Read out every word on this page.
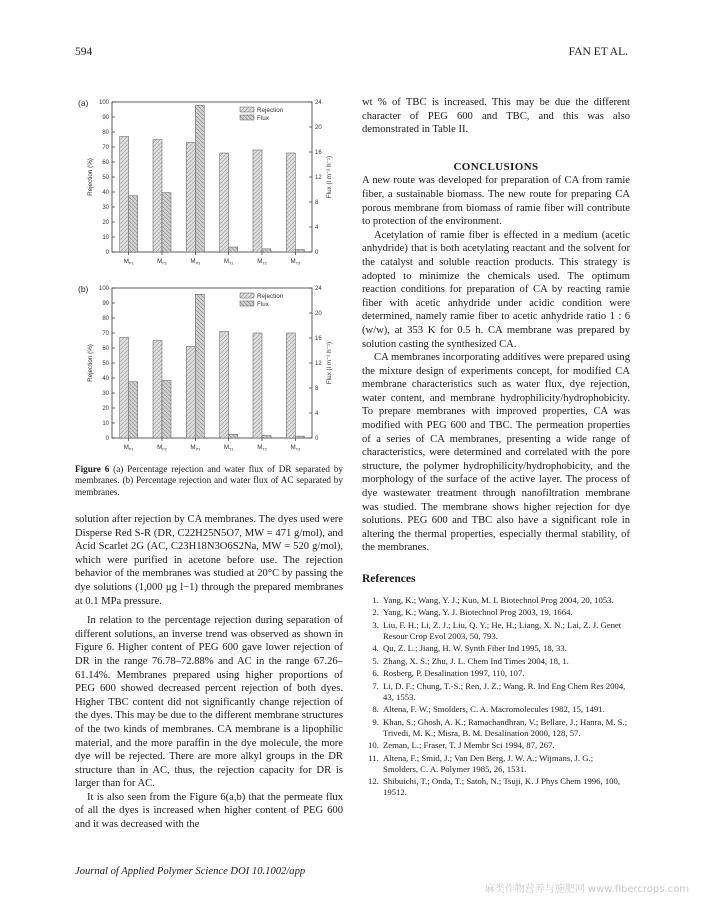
594	FAN ET AL.
0
10
20
30
40
50
60
70
80
90
100
0
4
8
12
16
20
24
$M_{P1}$	$M_{P2}$	$M_{P3}$	$M_{T1}$	$M_{T2}$	$M_{T3}$
Rejection (%)	Flux (l m⁻² h⁻¹)
(a)
Rejection
Flux
0
10
20
30
40
50
60
70
80
90
100
0
4
8
12
16
20
24
$M_{P1}$	$M_{P2}$	$M_{P3}$	$M_{T1}$	$M_{T2}$	$M_{T3}$
Rejection (%)	Flux (l m⁻² h⁻¹)
(b)
Rejection
Flux
Figure 6 (a) Percentage rejection and water flux of DR separated by membranes. (b) Percentage rejection and water flux of AC separated by membranes.

solution after rejection by CA membranes. The dyes used were Disperse Red S-R (DR, C22H25N5O7, MW = 471 g/mol), and Acid Scarlet 2G (AC, C23H18N3O6S2Na, MW = 520 g/mol), which were purified in acetone before use. The rejection behavior of the membranes was studied at 20°C by passing the dye solutions (1,000 μg l−1) through the prepared membranes at 0.1 MPa pressure.

In relation to the percentage rejection during separation of different solutions, an inverse trend was observed as shown in Figure 6. Higher content of PEG 600 gave lower rejection of DR in the range 76.78–72.88% and AC in the range 67.26–61.14%. Membranes prepared using higher proportions of PEG 600 showed decreased percent rejection of both dyes. Higher TBC content did not significantly change rejection of the dyes. This may be due to the different membrane structures of the two kinds of membranes. CA membrane is a lipophilic material, and the more paraffin in the dye molecule, the more dye will be rejected. There are more alkyl groups in the DR structure than in AC, thus, the rejection capacity for DR is larger than for AC.

It is also seen from the Figure 6(a,b) that the permeate flux of all the dyes is increased when higher content of PEG 600 and it was decreased with the

wt % of TBC is increased. This may be due the different character of PEG 600 and TBC, and this was also demonstrated in Table II.

CONCLUSIONS

A new route was developed for preparation of CA from ramie fiber, a sustainable biomass. The new route for preparing CA porous membrane from biomass of ramie fiber will contribute to protection of the environment.

Acetylation of ramie fiber is effected in a medium (acetic anhydride) that is both acetylating reactant and the solvent for the catalyst and soluble reaction products. This strategy is adopted to minimize the chemicals used. The optimum reaction conditions for preparation of CA by reacting ramie fiber with acetic anhydride under acidic condition were determined, namely ramie fiber to acetic anhydride ratio 1 : 6 (w/w), at 353 K for 0.5 h. CA membrane was prepared by solution casting the synthesized CA.

CA membranes incorporating additives were prepared using the mixture design of experiments concept, for modified CA membrane characteristics such as water flux, dye rejection, water content, and membrane hydrophilicity/hydrophobicity. To prepare membranes with improved properties, CA was modified with PEG 600 and TBC. The permeation properties of a series of CA membranes, presenting a wide range of characteristics, were determined and correlated with the pore structure, the polymer hydrophilicity/hydrophobicity, and the morphology of the surface of the active layer. The process of dye wastewater treatment through nanofiltration membrane was studied. The membrane shows higher rejection for dye solutions. PEG 600 and TBC also have a significant role in altering the thermal properties, especially thermal stability, of the membranes.

References
1. Yang, K.; Wang, Y. J.; Kuo, M. I. Biotechnol Prog 2004, 20, 1053.
2. Yang, K.; Wang, Y. J. Biotechnol Prog 2003, 19, 1664.
3. Liu, F. H.; Li, Z. J.; Liu, Q. Y.; He, H.; Liang, X. N.; Lai, Z. J. Genet Resour Crop Evol 2003, 50, 793.
4. Qu, Z. L.; Jiang, H. W. Synth Fiber Ind 1995, 18, 33.
5. Zhang, X. S.; Zhu, J. L. Chem Ind Times 2004, 18, 1.
6. Rosberg, P. Desalination 1997, 110, 107.
7. Li, D. F.; Chung, T.-S.; Ren, J. Z.; Wang, R. Ind Eng Chem Res 2004, 43, 1553.
8. Altena, F. W.; Smolders, C. A. Macromolecules 1982, 15, 1491.
9. Khan, S.; Ghosh, A. K.; Ramachandhran, V.; Bellare, J.; Hanra, M. S.; Trivedi, M. K.; Misra, B. M. Desalination 2000, 128, 57.
10. Zeman, L.; Fraser, T. J Membr Sci 1994, 87, 267.
11. Altena, F.; Smid, J.; Van Den Berg, J. W. A.; Wijmans, J. G.; Smolders, C. A. Polymer 1985, 26, 1531.
12. Shibuichi, T.; Onda, T.; Satoh, N.; Tsuji, K. J Phys Chem 1996, 100, 19512.
Journal of Applied Polymer Science DOI 10.1002/app
麻类作物营养与施肥网 www.fibercrops.com
